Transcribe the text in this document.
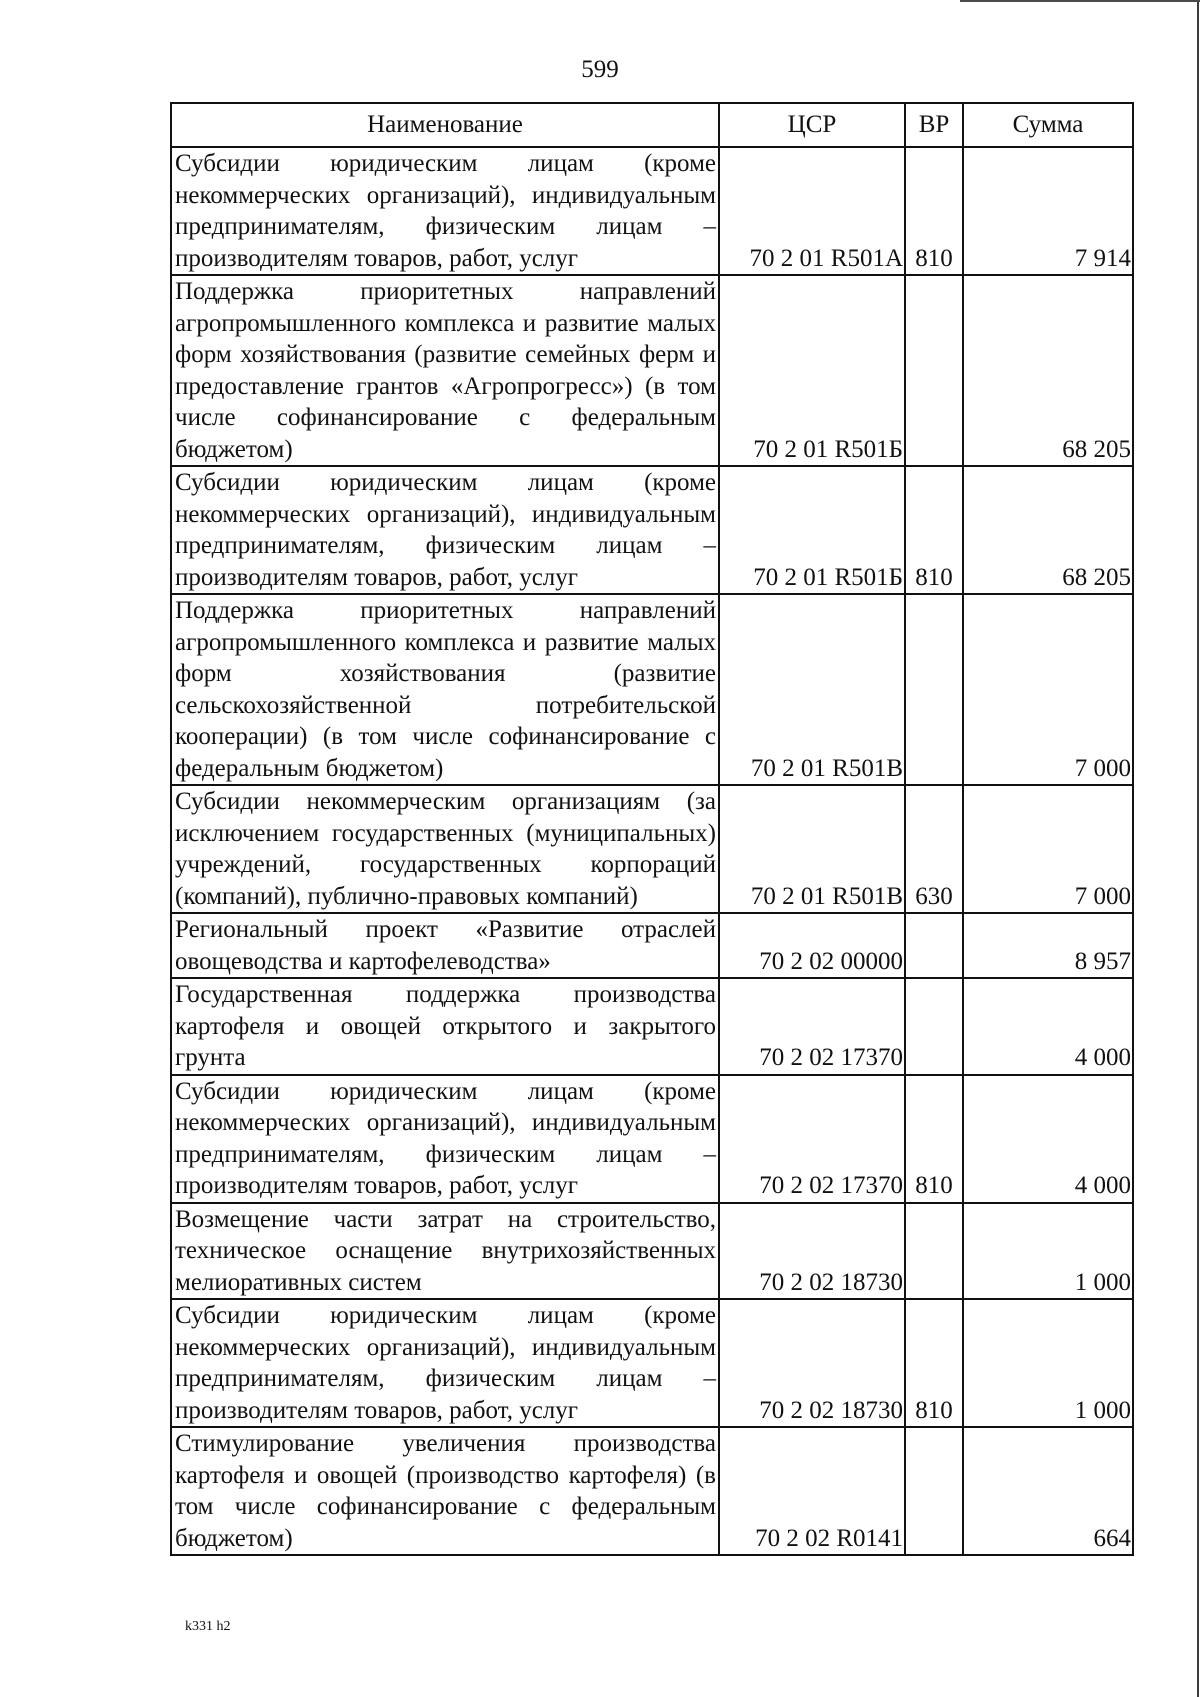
599
Наименование	ЦСР	ВР	Сумма
Субсидии юридическим лицам (кроме некоммерческих организаций), индивидуальным предпринимателям, физическим лицам – производителям товаров, работ, услуг	70 2 01 R501А	810	7 914
Поддержка приоритетных направлений агропромышленного комплекса и развитие малых форм хозяйствования (развитие семейных ферм и предоставление грантов «Агропрогресс») (в том числе софинансирование с федеральным бюджетом)	70 2 01 R501Б		68 205
Субсидии юридическим лицам (кроме некоммерческих организаций), индивидуальным предпринимателям, физическим лицам – производителям товаров, работ, услуг	70 2 01 R501Б	810	68 205
Поддержка приоритетных направлений агропромышленного комплекса и развитие малых форм хозяйствования (развитие сельскохозяйственной потребительской кооперации) (в том числе софинансирование с федеральным бюджетом)	70 2 01 R501В		7 000
Субсидии некоммерческим организациям (за исключением государственных (муниципальных) учреждений, государственных корпораций (компаний), публично-правовых компаний)	70 2 01 R501В	630	7 000
Региональный проект «Развитие отраслей овощеводства и картофелеводства»	70 2 02 00000		8 957
Государственная поддержка производства картофеля и овощей открытого и закрытого грунта	70 2 02 17370		4 000
Субсидии юридическим лицам (кроме некоммерческих организаций), индивидуальным предпринимателям, физическим лицам – производителям товаров, работ, услуг	70 2 02 17370	810	4 000
Возмещение части затрат на строительство, техническое оснащение внутрихозяйственных мелиоративных систем	70 2 02 18730		1 000
Субсидии юридическим лицам (кроме некоммерческих организаций), индивидуальным предпринимателям, физическим лицам – производителям товаров, работ, услуг	70 2 02 18730	810	1 000
Стимулирование увеличения производства картофеля и овощей (производство картофеля) (в том числе софинансирование с федеральным бюджетом)	70 2 02 R0141		664
k331 h2
